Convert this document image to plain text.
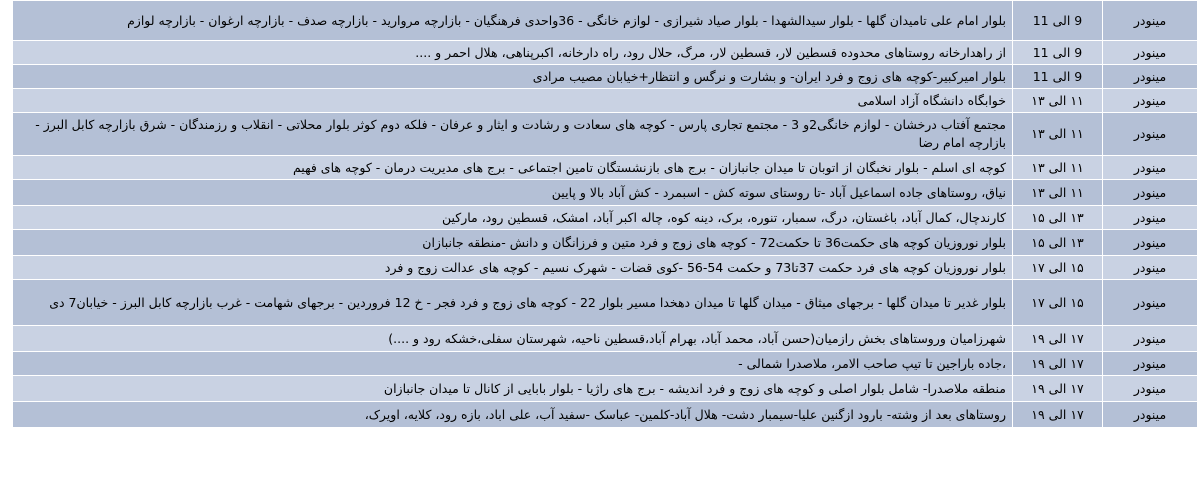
مینودر	9 الی 11	بلوار امام علی تامیدان گلها - بلوار سیدالشهدا - بلوار صیاد شیرازی - لوازم خانگی - 36واحدی فرهنگیان - بازارچه مروارید - بازارچه صدف - بازارچه ارغوان - بازارچه لوازم
مینودر	9 الی 11	از راهدارخانه روستاهای محدوده قسطین لار، قسطین لار، مرگ، حلال رود، راه دارخانه، اکبرپناهی، هلال احمر و ....
مینودر	9 الی 11	بلوار امیرکبیر-کوچه های زوج و فرد ایران- و بشارت و نرگس و انتظار+خیابان مصیب مرادی
مینودر	۱۱ الی ۱۳	خوابگاه دانشگاه آزاد اسلامی
مینودر	۱۱ الی ۱۳	مجتمع آفتاب درخشان - لوازم خانگی2و 3 - مجتمع تجاری پارس - کوچه های سعادت و رشادت و ایثار و عرفان - فلکه دوم کوثر بلوار محلاتی - انقلاب و رزمندگان - شرق بازارچه کابل البرز - بازارچه امام رضا
مینودر	۱۱ الی ۱۳	کوچه ای اسلم - بلوار نخبگان از اتوبان تا میدان جانبازان - برج های بازنشستگان تامین اجتماعی - برج های مدیریت درمان - کوچه های فهیم
مینودر	۱۱ الی ۱۳	نیاق، روستاهای جاده اسماعیل آباد -تا روستای سوته کش - اسبمرد - کش آباد بالا و پایین
مینودر	۱۳ الی ۱۵	کارندچال، کمال آباد، باغستان، درگ، سمبار، تنوره، برک، دینه کوه، چاله اکبر آباد، امشک، قسطین رود، مارکین
مینودر	۱۳ الی ۱۵	بلوار نوروزیان کوچه های حکمت36 تا حکمت72 - کوچه های زوج و فرد متین و فرزانگان و دانش -منطقه جانبازان
مینودر	۱۵ الی ۱۷	بلوار نوروزیان کوچه های فرد حکمت 37تا73 و حکمت 54-56 -کوی قضات - شهرک نسیم - کوچه های عدالت زوج و فرد
مینودر	۱۵ الی ۱۷	بلوار غدیر تا میدان گلها - برجهای میثاق - میدان گلها تا میدان دهخدا مسیر بلوار 22 - کوچه های زوج و فرد فجر - خ 12 فروردین - برجهای شهامت - غرب بازارچه کابل البرز - خیابان7 دی
مینودر	۱۷ الی ۱۹	شهرزامیان وروستاهای بخش رازمیان(حسن آباد، محمد آباد، بهرام آباد،قسطین ناحیه، شهرستان سفلی،خشکه رود و ....)
مینودر	۱۷ الی ۱۹	،جاده باراجین تا تیپ صاحب الامر، ملاصدرا شمالی -
مینودر	۱۷ الی ۱۹	منطقه ملاصدرا- شامل بلوار اصلی و کوچه های زوج و فرد اندیشه - برج های راژیا - بلوار بابایی از کانال تا میدان جانبازان
مینودر	۱۷ الی ۱۹	روستاهای بعد از وشته- بارود ازگنین علیا-سیمبار دشت- هلال آباد-کلمین- عباسک -سفید آب، علی اباد، بازه رود، کلایه، اویرک،
